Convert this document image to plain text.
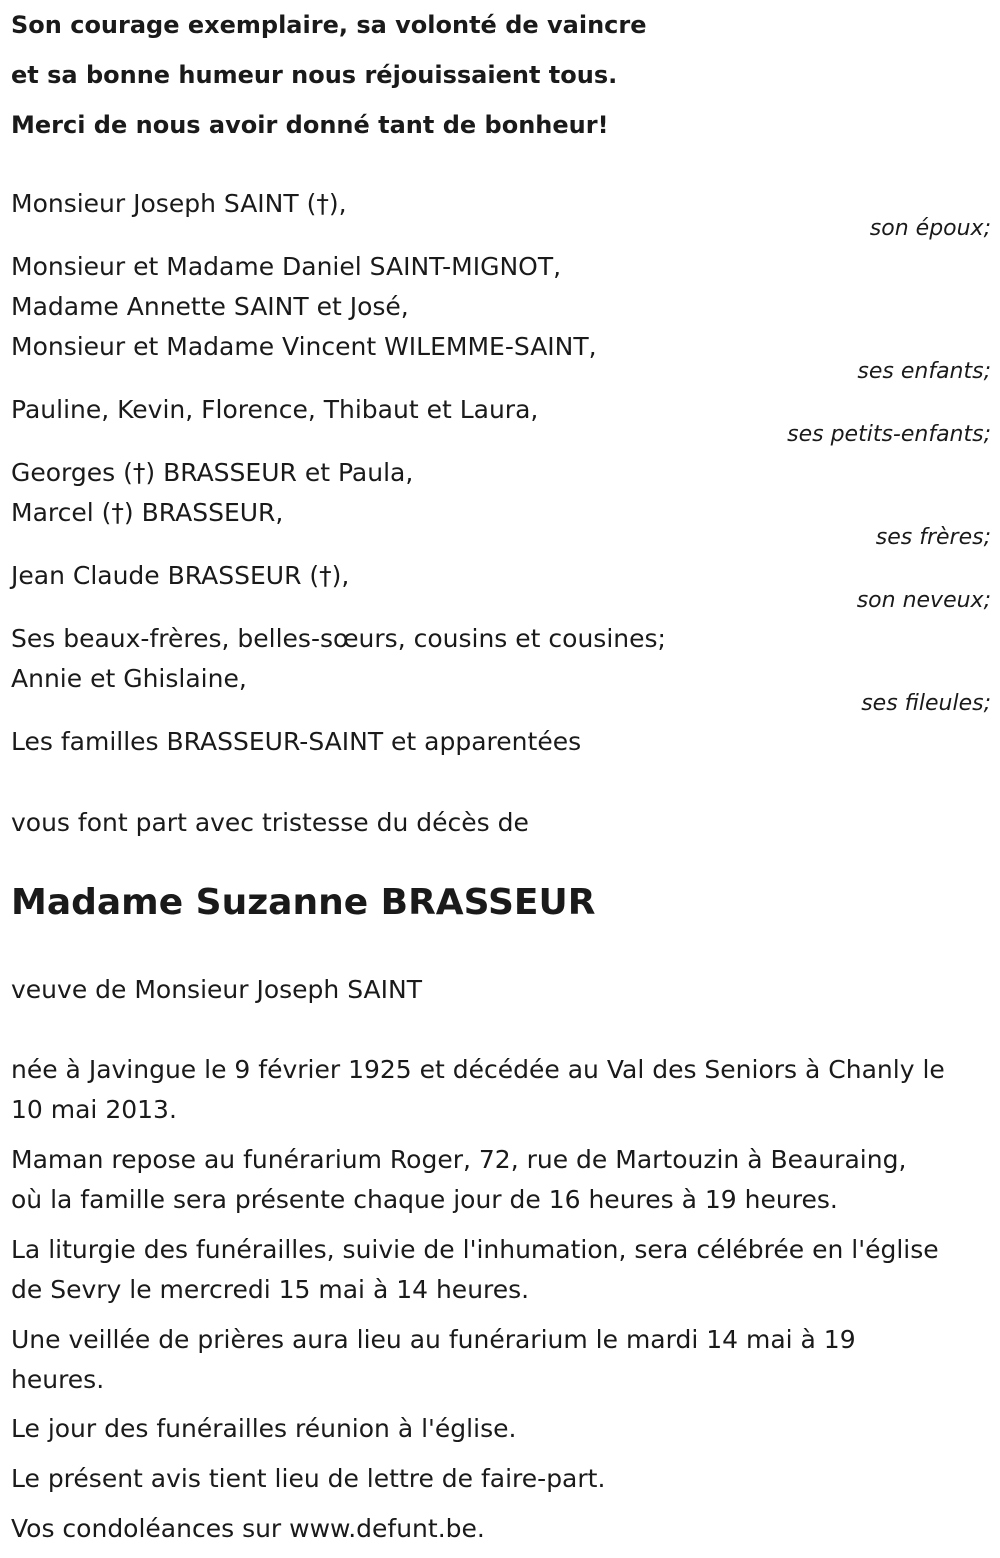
Son courage exemplaire, sa volonté de vaincre

et sa bonne humeur nous réjouissaient tous.

Merci de nous avoir donné tant de bonheur!

Monsieur Joseph SAINT (†),

son époux;

Monsieur et Madame Daniel SAINT-MIGNOT,

Madame Annette SAINT et José,

Monsieur et Madame Vincent WILEMME-SAINT,

ses enfants;

Pauline, Kevin, Florence, Thibaut et Laura,

ses petits-enfants;

Georges (†) BRASSEUR et Paula,

Marcel (†) BRASSEUR,

ses frères;

Jean Claude BRASSEUR (†),

son neveux;

Ses beaux-frères, belles-sœurs, cousins et cousines;

Annie et Ghislaine,

ses fileules;

Les familles BRASSEUR-SAINT et apparentées

vous font part avec tristesse du décès de

Madame Suzanne BRASSEUR

veuve de Monsieur Joseph SAINT

née à Javingue le 9 février 1925 et décédée au Val des Seniors à Chanly le

10 mai 2013.

Maman repose au funérarium Roger, 72, rue de Martouzin à Beauraing,

où la famille sera présente chaque jour de 16 heures à 19 heures.

La liturgie des funérailles, suivie de l'inhumation, sera célébrée en l'église

de Sevry le mercredi 15 mai à 14 heures.

Une veillée de prières aura lieu au funérarium le mardi 14 mai à 19

heures.

Le jour des funérailles réunion à l'église.

Le présent avis tient lieu de lettre de faire-part.

Vos condoléances sur www.defunt.be.
